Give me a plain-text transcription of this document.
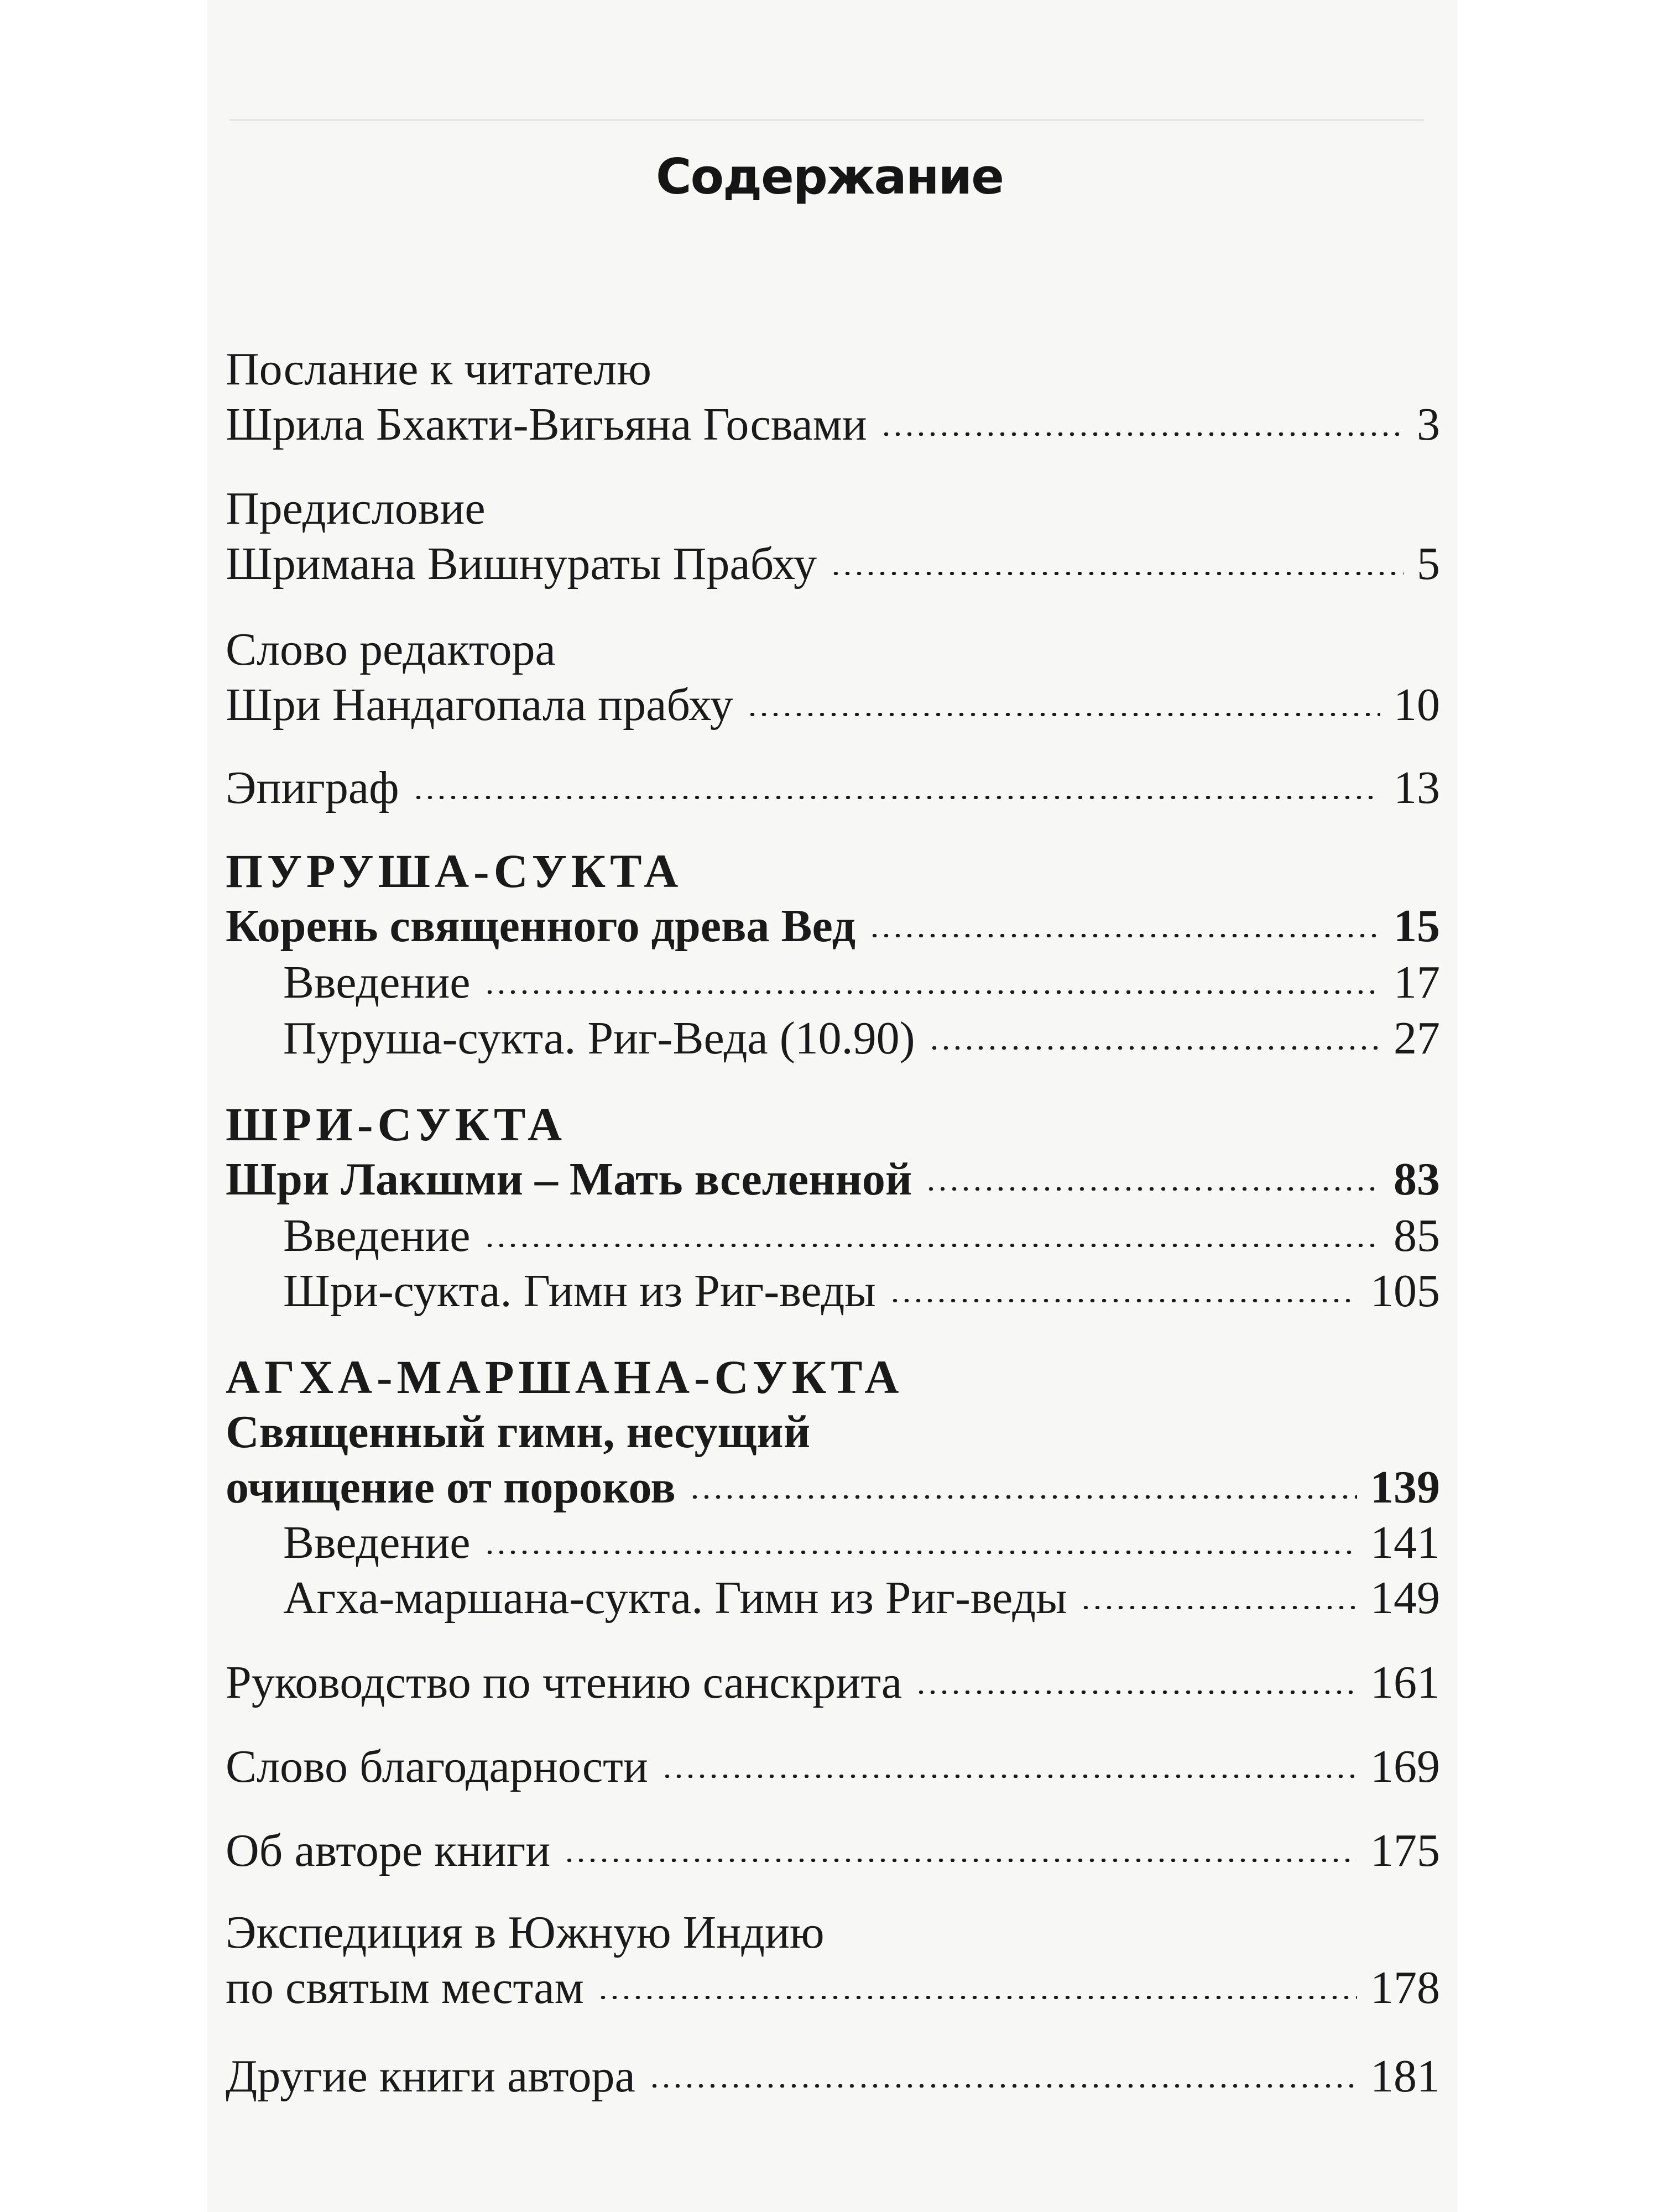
Содержание
Послание к читателю
Шрила Бхакти-Вигьяна Госвами	3
Предисловие
Шримана Вишнураты Прабху	5
Слово редактора
Шри Нандагопала прабху	10
Эпиграф	13
ПУРУША-СУКТА
Корень священного древа Вед	15
Введение	17
Пуруша-сукта. Риг-Веда (10.90)	27
ШРИ-СУКТА
Шри Лакшми – Мать вселенной	83
Введение	85
Шри-сукта. Гимн из Риг-веды	105
АГХА-МАРШАНА-СУКТА
Священный гимн, несущий
очищение от пороков	139
Введение	141
Агха-маршана-сукта. Гимн из Риг-веды	149
Руководство по чтению санскрита	161
Слово благодарности	169
Об авторе книги	175
Экспедиция в Южную Индию
по святым местам	178
Другие книги автора	181
